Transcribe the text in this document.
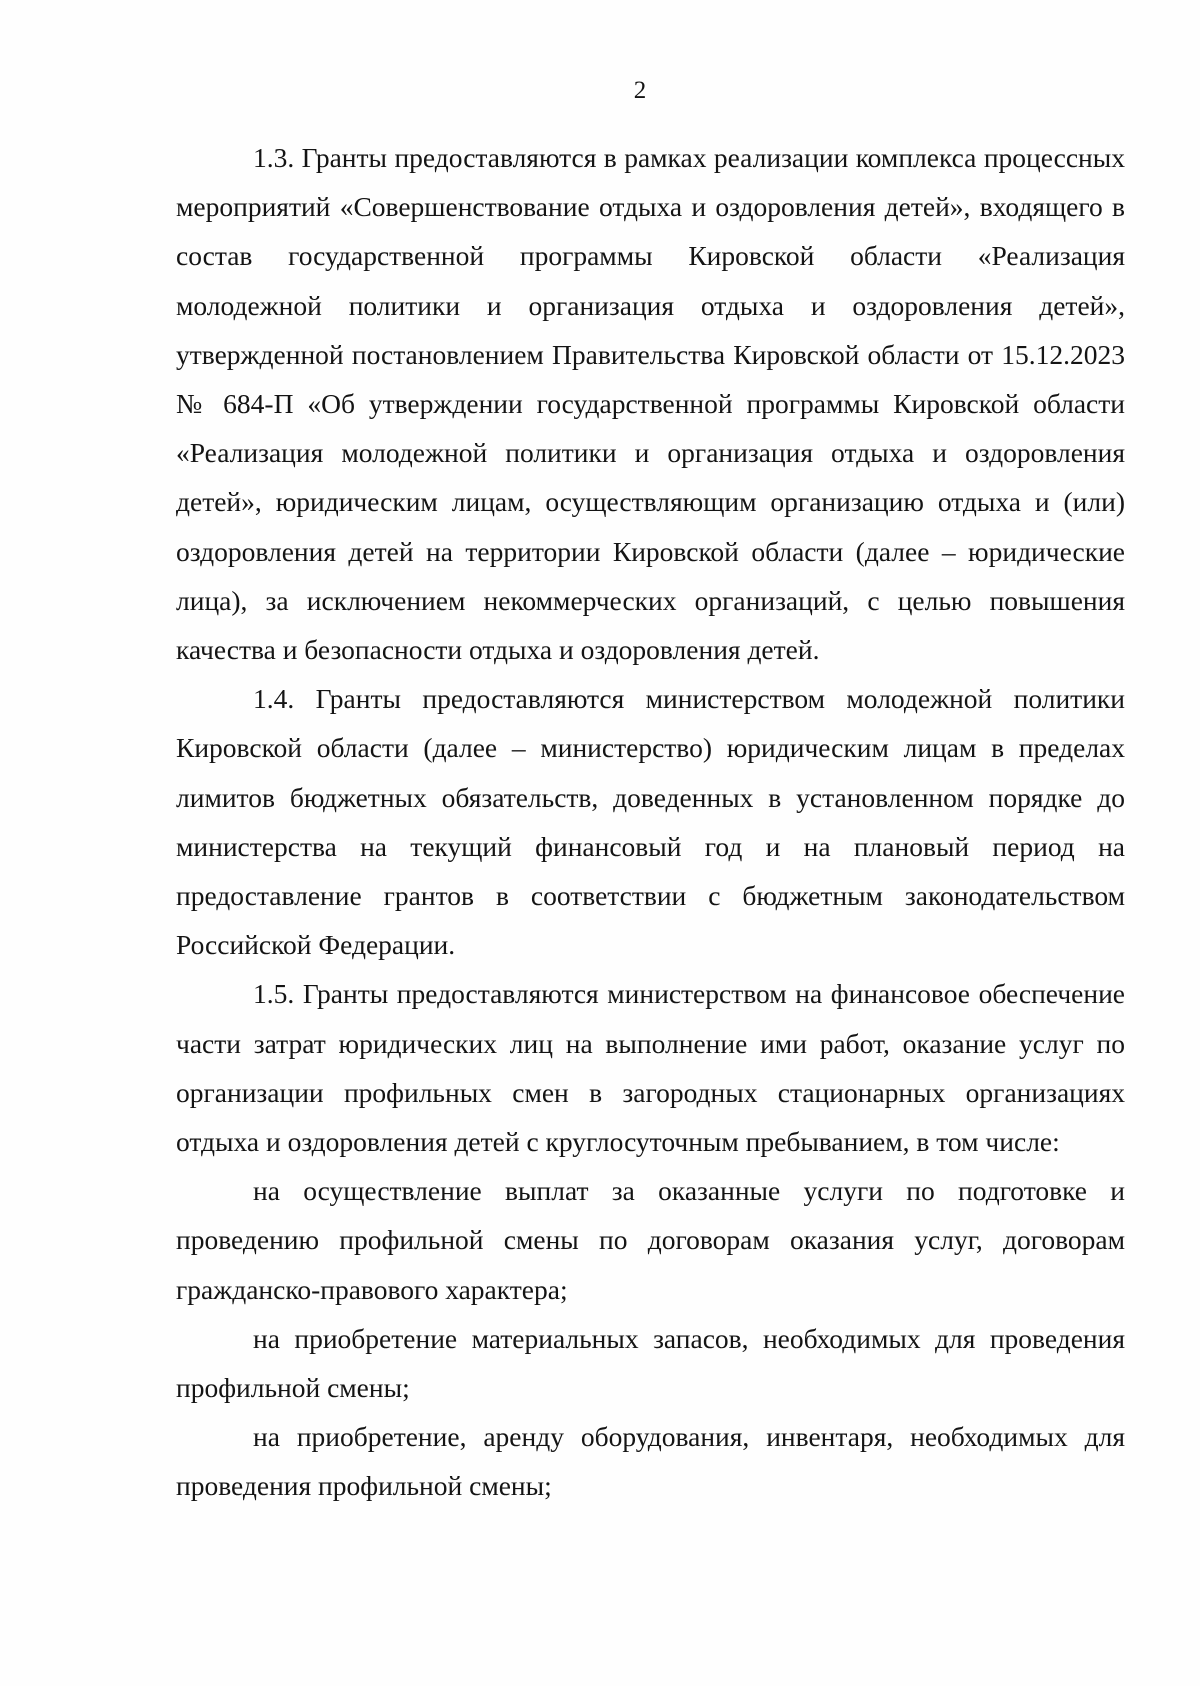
2

1.3. Гранты предоставляются в рамках реализации комплекса процессных мероприятий «Совершенствование отдыха и оздоровления детей», входящего в состав государственной программы Кировской области «Реализация молодежной политики и организация отдыха и оздоровления детей», утвержденной постановлением Правительства Кировской области от 15.12.2023 № 684-П «Об утверждении государственной программы Кировской области «Реализация молодежной политики и организация отдыха и оздоровления детей», юридическим лицам, осуществляющим организацию отдыха и (или) оздоровления детей на территории Кировской области (далее – юридические лица), за исключением некоммерческих организаций, с целью повышения качества и безопасности отдыха и оздоровления детей.

1.4. Гранты предоставляются министерством молодежной политики Кировской области (далее – министерство) юридическим лицам в пределах лимитов бюджетных обязательств, доведенных в установленном порядке до министерства на текущий финансовый год и на плановый период на предоставление грантов в соответствии с бюджетным законодательством Российской Федерации.

1.5. Гранты предоставляются министерством на финансовое обеспечение части затрат юридических лиц на выполнение ими работ, оказание услуг по организации профильных смен в загородных стационарных организациях отдыха и оздоровления детей с круглосуточным пребыванием, в том числе:

на осуществление выплат за оказанные услуги по подготовке и проведению профильной смены по договорам оказания услуг, договорам гражданско-правового характера;

на приобретение материальных запасов, необходимых для проведения профильной смены;

на приобретение, аренду оборудования, инвентаря, необходимых для проведения профильной смены;
